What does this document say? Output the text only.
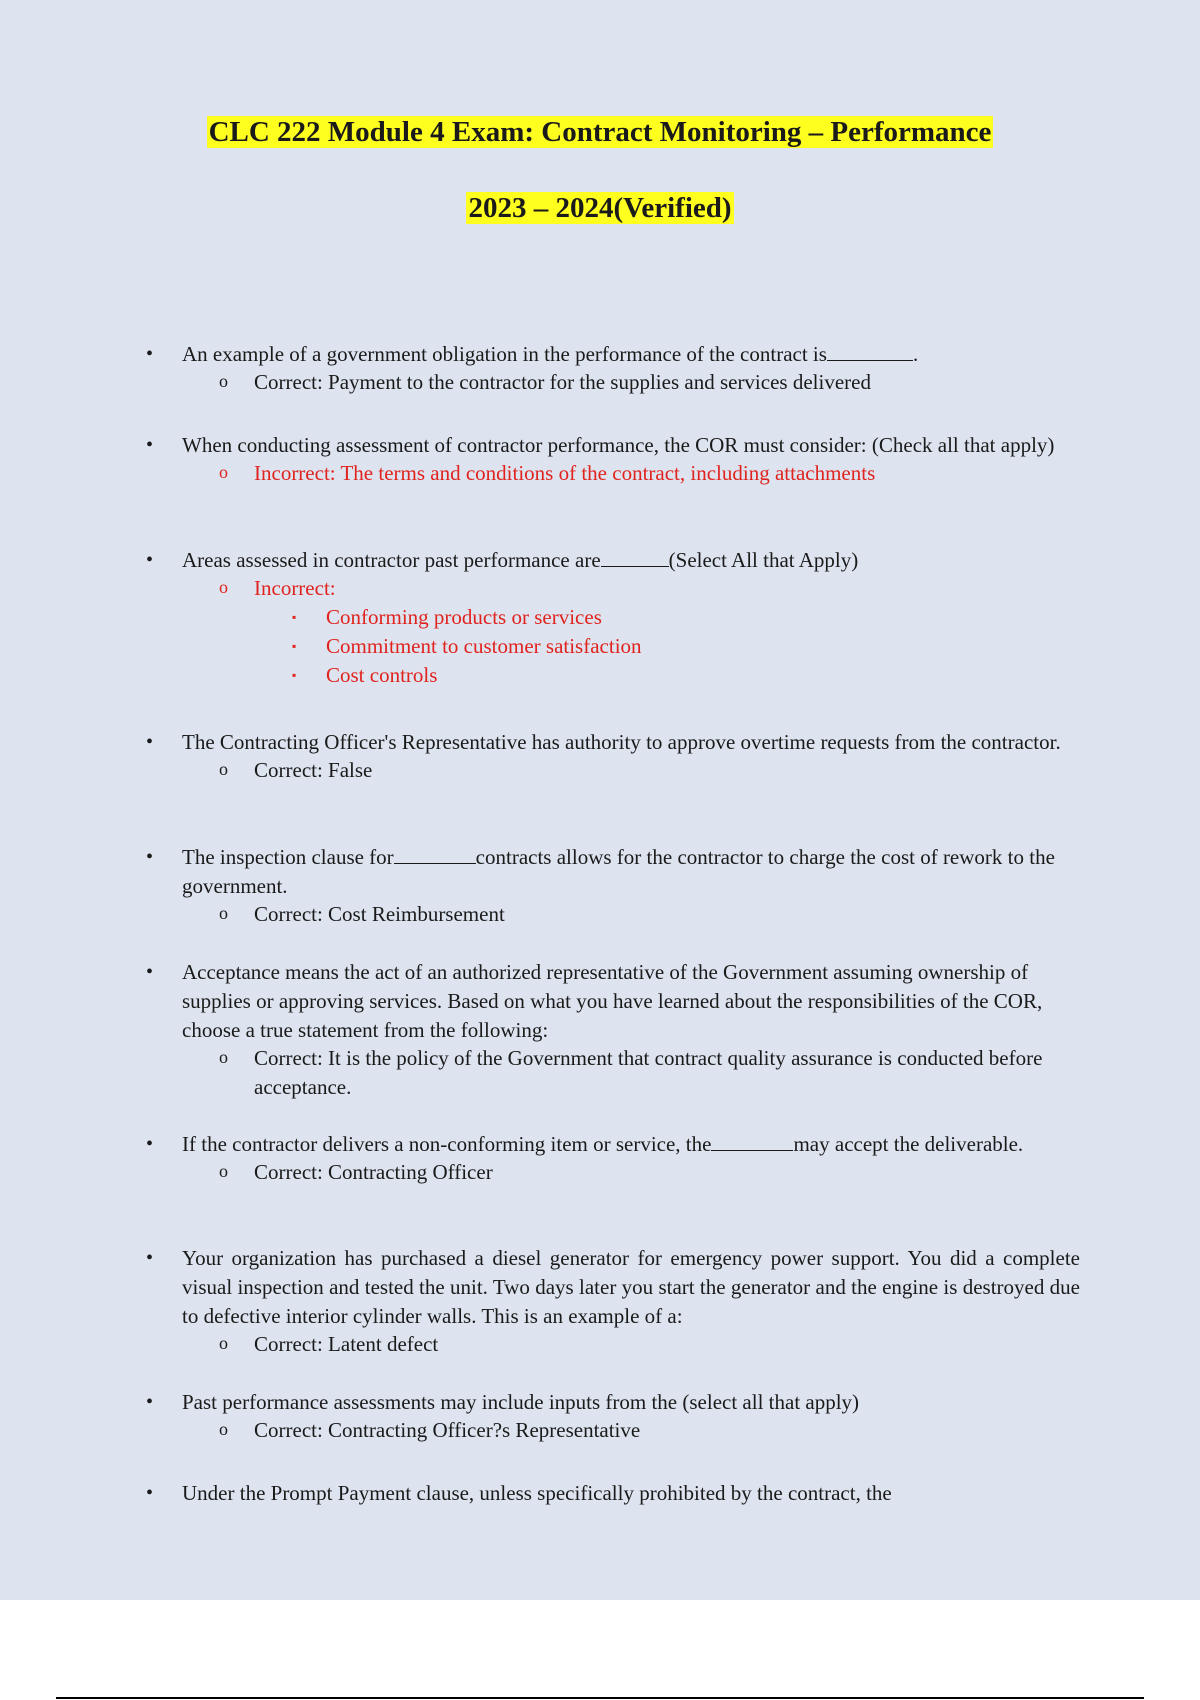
CLC 222 Module 4 Exam: Contract Monitoring – Performance
2023 – 2024(Verified)
• An example of a government obligation in the performance of the contract is	.
o Correct: Payment to the contractor for the supplies and services delivered
• When conducting assessment of contractor performance, the COR must consider: (Check all that apply)
o Incorrect: The terms and conditions of the contract, including attachments
• Areas assessed in contractor past performance are	(Select All that Apply)
o Incorrect:
▪ Conforming products or services
▪ Commitment to customer satisfaction
▪ Cost controls
• The Contracting Officer's Representative has authority to approve overtime requests from the contractor.
o Correct: False
• The inspection clause for	contracts allows for the contractor to charge the cost of rework to the government.
o Correct: Cost Reimbursement
• Acceptance means the act of an authorized representative of the Government assuming ownership of supplies or approving services. Based on what you have learned about the responsibilities of the COR, choose a true statement from the following:
o Correct: It is the policy of the Government that contract quality assurance is conducted before acceptance.
• If the contractor delivers a non-conforming item or service, the	may accept the deliverable.
o Correct: Contracting Officer
• Your organization has purchased a diesel generator for emergency power support. You did a complete visual inspection and tested the unit. Two days later you start the generator and the engine is destroyed due to defective interior cylinder walls. This is an example of a:
o Correct: Latent defect
• Past performance assessments may include inputs from the (select all that apply)
o Correct: Contracting Officer?s Representative
• Under the Prompt Payment clause, unless specifically prohibited by the contract, the
